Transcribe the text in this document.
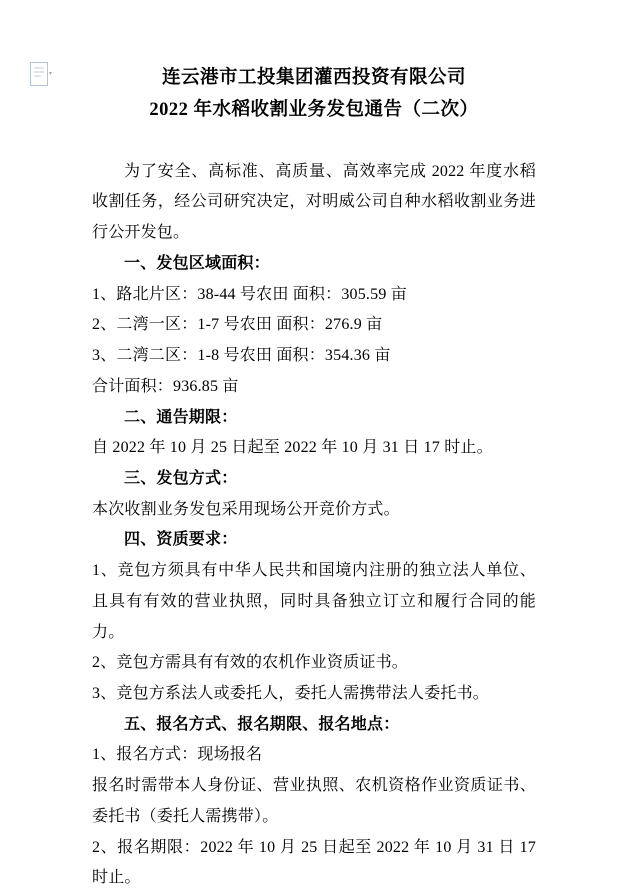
连云港市工投集团灌西投资有限公司
2022 年水稻收割业务发包通告（二次）

为了安全、高标准、高质量、高效率完成 2022 年度水稻收割任务，经公司研究决定，对明威公司自种水稻收割业务进行公开发包。

一、发包区域面积：

1、路北片区：38-44 号农田 面积：305.59 亩

2、二湾一区：1-7 号农田 面积：276.9 亩

3、二湾二区：1-8 号农田 面积：354.36 亩

合计面积：936.85 亩

二、通告期限：

自 2022 年 10 月 25 日起至 2022 年 10 月 31 日 17 时止。

三、发包方式：

本次收割业务发包采用现场公开竞价方式。

四、资质要求：

1、竞包方须具有中华人民共和国境内注册的独立法人单位、且具有有效的营业执照，同时具备独立订立和履行合同的能力。

2、竞包方需具有有效的农机作业资质证书。

3、竞包方系法人或委托人，委托人需携带法人委托书。

五、报名方式、报名期限、报名地点：

1、报名方式：现场报名

报名时需带本人身份证、营业执照、农机资格作业资质证书、委托书（委托人需携带）。

2、报名期限：2022 年 10 月 25 日起至 2022 年 10 月 31 日 17 时止。
